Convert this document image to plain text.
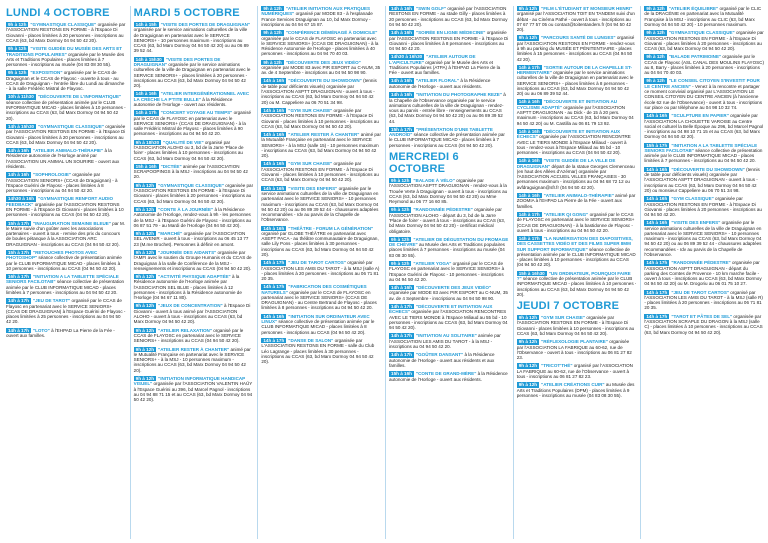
LUNDI 4 OCTOBRE
9h à 12h "GYMNASTIQUE CLASSIQUE" organisée par l'ASSOCIATION RESTONS EN FORME - à l'Espace Di Giovanni - places limitées à 20 personnes - inscriptions au CCAS (63, bd Marx Dormoy 04 94 50 42 20).
9h à 12h "VISITE GUIDÉE DU MUSÉE DES ARTS ET TRADITIONS POPULAIRES" organisée par le Musée des Arts et Traditions Populaires - places limitées à 7 personnes - inscriptions au musée (04 83 08 30 55).
9h à 12h "EXPOSITION" organisée par le CCAS de Draguignan et le CCAS de Flayosc - ouverte à tous - au CCAS de Draguignan - l'entrée libre du Lundi au dimanche - à la salle Frédéric Mistral de Flayosc.
10h à 11h30 "DÉCOUVERTE DE L'INFORMATIQUE" séance collective de présentation animée par le CLUB INFORMATIQUE MICAD - places limitées à 10 personnes - inscriptions au CCAS (63, bd Marx Dormoy 04 94 50 42 20).
14h à 15h30 "GYMNASTIQUE CLASSIQUE" organisée par l'ASSOCIATION RESTONS EN FORME - à l'Espace Di Giovanni - places limitées à 20 personnes - inscriptions au CCAS (63, bd Marx Dormoy 04 94 50 42 20).
14h à 16h "ATELIER ANIMALO-THÉRAPIE" à la Résidence autonomie de l'Horloge animé par l'ASSOCIATION UN ANIMAL UN SOURIRE - ouvert aux résidents.
14h à 16h "SOPHROLOGIE" organisée par l'ASSOCIATION SENIORS+ (CCAS de Draguignan) - à l'Espace Guérini de Flayosc - places limitées à 8 personnes - inscriptions au 04 94 50 42 20.
14h30 à 16h "GYMNASTIQUE RENFORT AUDIO FEEDBACK" organisée par l'ASSOCIATION RESTONS EN FORME - à l'Espace Di Giovanni - places limitées à 10 personnes - inscriptions au CCAS (04 94 50 42 20).
15h à 17h "INAUGURATION SEMAINE BLEUE" par M. le Maire suivie d'un goûter avec les associations partenaires - ouvert à tous - remise des prix du concours de boules pétanque à la ASSOCIATION ARC DRAGUIGNAN - inscriptions au CCAS (04 94 50 42 20).
15h à 17h "RETOUCHES PHOTOS AVEC PHOTOSHOP" séance collective de présentation animée par le CLUB INFORMATIQUE MICAD - places limitées à 10 personnes - inscriptions au CCAS (04 94 50 42 20).
16h à 17h "INITIATION A LA TABLETTE SPÉCIALE SENIORS FACILOTAB" séance collective de présentation animée par le CLUB INFORMATIQUE MICAD - places limitées à 7 personnes - inscriptions au 04 94 50 42 20.
14h à 17h "JEU DE TAROT" organisé par le CCAS de Flayosc en partenariat avec le SERVICE SENIORS+ (CCAS DE DRAGUIGNAN) à l'Espace Guérini de Flayosc - places limitées à 25 personnes - inscriptions au 04 94 50 42 20.
14h à 17h "LOTO" à l'EHPAD La Pierre de la Fée - ouvert aux familles.
MARDI 5 OCTOBRE
14h à 15h "VISITE DES PORTES DE DRAGUIGNAN" organisée par le service animations culturelles de la ville de Draguignan en partenariat avec le SERVICE SENIORS+ - 10 personnes maximum - inscriptions au CCAS (63, bd Marx Dormoy 04 94 50 42 20) ou au 06 89 39 52 44.
14h à 15h30 "VISITE DES PORTES DE DRAGUIGNAN" organisée par le service animations culturelles de la ville de Draguignan en partenariat avec le SERVICE SENIORS+ - places limitées à 20 personnes - inscriptions au CCAS (63, bd Marx Dormoy 04 94 50 42 20).
14h à 16h "ATELIER INTERGÉNÉRATIONNEL AVEC LA CRÈCHE LA P'TITE BULLE" à la Résidence autonomie de l'Horloge - ouvert aux résidents.
14h à 17h "CONCERT VOYAGE AU TEMPS" organisé par le CCAS de FLAYOSC en partenariat avec le SERVICE SENIORS+ (CCAS DE DRAGUIGNAN) - à la salle Frédéric Mistral de Flayosc - places limitées à 90 personnes - inscriptions au 04 94 50 42 20.
9h à 18h30 "QUALITÉ DE VIE" organisé par l'ASSOCIATION ALOHO ou 3, bd de la Jarre 'Place de foire' - places limitées à 10 personnes - inscriptions au CCAS (63, bd Marx Dormoy 04 94 50 42 20).
15h à 16h "DICTÉE" animée par l'ASSOCIATION SCRAPOOPINGS à la MSJ - inscriptions au 04 94 50 42 20.
9h à 12h "GYMNASTIQUE CLASSIQUE" organisée par l'ASSOCIATION RESTONS EN FORME - à l'Espace Di Giovanni - places limitées à 20 personnes - inscriptions au CCAS (63, bd Marx Dormoy 04 94 50 42 20).
9h à 12h "CONTE À LA JOURNÉE" à la Résidence Autonomie de l'Horloge, rendez-vous à 9h - les personnes de la MSJ - à l'Espace Guérini de Flayosc - inscriptions au 06 87 51 79 - au Mardi de l'Horloge (04 94 50 42 20).
9h à 12h "MARCHÉ" organisée par l'ASSOCIATION SEL AVENIR - ouvert à tous - inscriptions au 06 45 13 77 23 (M.me Brochet). Personnes à définir en amont.
9h à 12h "JOURNÉE DES AIDANTS" organisée par l'AMFI avec le soutien du Groupe Humanis et du CCAS de Draguignan à la salle de Conférence de la MSJ - renseignements et inscriptions au CCAS (04 94 50 42 20).
9h à 12h "ACTIVITÉ PHYSIQUE ADAPTÉE" à la Résidence autonomie de l'Horloge animée par l'ASSOCIATION SEL BLUE - places limitées à 12 personnes - inscriptions à la Résidence autonomie de l'Horloge (04 94 67 11 80).
9h à 12h "JEUX DE CONCENTRATION" à l'Espace Di Giovanni - ouvert à tous animé par l'ASSOCIATION ALOHO - ouvert à tous - inscriptions au CCAS (63, bd Marx Dormoy 04 94 50 42 20).
9h à 12h "ATELIER RELAXATION" organisé par le CCAS de FLAYOSC en partenariat avec le SERVICE SENIORS+ - inscriptions au CCAS (04 94 50 42 20).
9h à 12h "ATELIER RESTER À CHANTER" animé par le Mutualité Française en partenariat avec le SERVICE SENIORS+ - à la MSJ - 10 personnes maximum - inscriptions au CCAS (63, bd Marx Dormoy 04 94 50 42 20).
9h à 12h "INITIATION INFORMATIQUE HANDICAP VISUEL" organisée par l'ASSOCIATION VALENTIN HAÜY à l'Espace Guérini au 396, bd Marcel Pagnol - inscriptions au 04 94 88 71 15 et au CCAS (63, bd Marx Dormoy 04 94 50 42 20).
9h à 12h "ATELIER INITIATION AUX PRATIQUES NUMÉRIQUES" organisé par MODE 83 - à l'esplanade France Services Draguignan au 10, bd Marx Dormoy - inscriptions au 04 94 67 15 87.
9h à 12h "CONFÉRENCE DÉMÉNAGÉ À DOMICILE" organisée par le CCAS de FLAYOSC en partenariat avec le SERVICE SENIORS+ (CCAS DE DRAGUIGNAN) - à la Résidence Autonomie de l'Horloge - places limitées à 40 personnes - inscriptions au 04 94 70 40 03.
9h à 12h "DÉCOUVERTE DES JEUX VIDÉO" organisée par MODE 83 avec PIR ESPORT au C-NUM, 35 av. de 4 Septembre - inscriptions au 04 94 50 98 90.
14h à 16h "DÉCOUVERTE DU SHOWDOWN" (tennis de table pour déficients visuels) organisée par l'ASSOCIATION ASPTT DRAGUIGNAN - ouvert à tous - inscriptions au CCAS (63, bd Marx Dormoy 04 94 50 42 20) ou M. Cappeliere au 06 70 51 34 98.
14h à 16h "GYM SUR CHAISE" organisée par l'ASSOCIATION RESTONS EN FORME - à l'Espace Di Giovanni - places limitées à 10 personnes - inscriptions au CCAS (63, bd Marx Dormoy 04 94 50 42 20).
14h à 16h "ATELIER RESTER À CHANTER" animé par la Mutualité Française en partenariat avec le SERVICE SENIORS+ - à la MSJ (salle 15) - 10 personnes maximum - inscriptions au CCAS (63, bd Marx Dormoy 04 94 50 42 20).
14h à 16h "GYM SUR CHAISE" organisée par l'ASSOCIATION RESTONS EN FORME - à l'Espace Di Giovanni - places limitées à 10 personnes - inscriptions au CCAS (63, bd Marx Dormoy 04 94 50 42 20).
14h à 16h "VISITE DES ENFERS" organisée par le service animations culturelles de la ville de Draguignan en partenariat avec le SERVICE SENIORS+ - 10 personnes maximum - inscriptions au CCAS (63, bd Marx Dormoy 04 94 50 42 20) ou au 06 89 39 52 44 - chaussures adaptées recommandées - rdv au parvis de la Chapelle de l'Observance.
14h à 16h "THÉÂTRE - FORUM LA GÉNÉRATION" organisé par GLOBE THÉÂTRE en partenariat avec ASEPT PACA - au théâtre communautaire de Draguignan, salle Lily Pons - places limitées à 30 personnes - inscriptions au CCAS (63, bd Marx Dormoy 04 94 50 42 20).
14h à 17h "JEU DE TAROT CARTOS" organisé par l'ASSOCIATION LES AMIS DU TAROT - à la MSJ (salle A) - places limitées à 20 personnes - inscriptions au 06 71 81 20 35.
14h à 17h "FABRICATION DES COSMÉTIQUES NATURELS" organisée par le CCAS de FLAYOSC en partenariat avec le SERVICE SENIORS+ (CCAS DE DRAGUIGNAN) - au Centre Bertrand de Flayosc - places limitées à 8 personnes - inscriptions au 04 94 50 42 20.
14h à 16h "INITIATION SUR ORDINATEUR AVEC LINUX" séance collective de présentation animée par le CLUB INFORMATIQUE MICAD - places limitées à 8 personnes - inscriptions au CCAS (04 94 50 42 20).
14h à 17h "DANSE DE SALON" organisée par L'ASSOCIATION RESTONS EN FORME - salle du Club Léo Lagrange - places limitées à 30 personnes - inscriptions au CCAS (63, bd Marx Dormoy 04 94 50 42 20).
14h à 16h "SWIN GOLF" organisé par l'ASSOCIATION RESTONS EN FORME - au stade Gilly - places limitées à 20 personnes - inscriptions au CCAS (63, bd Marx Dormoy 04 94 50 42 20).
14h à 16h "SOIRÉE EN LIGNE MÉDECINE" organisée par l'ASSOCIATION RESTONS EN FORME - à l'Espace Di Giovanni - places limitées à 8 personnes - inscriptions au 04 94 50 42 20.
14h30 à 16h30 "ATELIER AUTOUR DE L'APICULTURE" organisé par le Musée des Arts et Traditions Populaires (ATPA) à l'EHPAD La Pierre de la Fée - ouvert aux familles.
14h à 16h "ATELIER FLORAL" à la Résidence autonomie de l'Horloge - ouvert aux résidents.
14h à 16h "INITIATION DU PHOTOGRAPHE REZE" à la Chapelle de l'Observance organisée par le service animations culturelles de la ville de Draguignan - rendez-vous au parvis - entrée libre - renseignements au CCAS (63, bd Marx Dormoy 04 94 50 42 20) ou au 06 89 39 52 44.
15h à 17h "PRÉSENTATION D'UNE TABLETTE ANDROÏD" séance collective de présentation animée par le CLUB INFORMATIQUE MICAD - places limitées à 7 personnes - inscriptions au CCAS (04 94 50 42 20).
MERCREDI 6 OCTOBRE
9h à 12h "BALADE À VÉLO" organisée par l'ASSOCIATION ASPTT DRAGUIGNAN - rendez-vous à la Trouée Verte à Draguignan - ouvert à tous - inscriptions au CCAS (63, bd Marx Dormoy 04 94 50 42 20) ou Mme Reymond au 06 77 16 60 85.
9h à 12h "RANDONNÉE PÉDESTRE" organisée par l'ASSOCIATION ALOHO - départ du 3, bd de la Jarre 'Place de foire' - ouvert à tous - inscriptions au CCAS (63, bd Marx Dormoy 04 94 50 42 20) - certificat médical obligatoire.
9h à 12h "ATELIER DE DÉGUSTATION DU FROMAGE DE CHÈVRE" au Musée des Arts et Traditions populaires places limitées à 7 personnes - inscriptions au musée (04 83 08 30 55).
9h à 12h "ATELIER YOGA" organisé par le CCAS de FLAYOSC en partenariat avec le SERVICE SENIORS+ à l'Espace Guérini de Flayosc - 10 personnes - inscriptions au 04 94 50 42 20.
14h à 16h "DÉCOUVERTE DES JEUX VIDÉO" organisée par MODE 83 avec PIR ESPORT au C-NUM, 35 av. de 4 Septembre - inscriptions au 04 94 50 98 90.
14h à 17h "DÉCOUVERTE ET INITIATION AUX ÉCHECS" organisée par l'ASSOCIATION RENCONTRES AVEC LE TIERS MONDE à l'Espace Miliaud au 55 bd - 10 personnes - inscriptions au CCAS (63, bd Marx Dormoy 04 94 50 42 20).
14h à 17h "INITIATION AU SOLITAIRE" animée par l'ASSOCIATION LES AMIS DU TAROT - à la MSJ - inscriptions au 04 94 50 42 20.
14h à 17h "GOÛTER DANSANT" à la Résidence autonomie de l'Horloge - ouvert aux résidents et aux familles.
15h à 16h "CONTE DE GRAND-MÈRE" à la Résidence autonomie de l'Horloge - ouvert aux résidents.
9h à 12h "FILM L'ÉTUDIANT ET MONSIEUR HENRI" organisé par l'ASSOCIATION TOIT EN TANDEM suivi d'un débat - au Cinéma Pathé - ouvert à tous - inscriptions au 07 67 77 57 05 ou contact@toitentandem.fr (04 94 50 42 20).
9h à 12h "PARCOURS SANTÉ DE LUNGES" organisé par l'ASSOCIATION RESTONS EN FORME - rendez-vous à 9h au parking du MUSÉE ET PÉNITENTIAIRE - places limitées à 15 personnes - inscriptions au CCAS (04 94 50 42 20).
14h à 17h "SORTIE AUTOUR DE LA CHAPELLE ST-HERMENTAIRE" organisée par le service animations culturelles de la ville de Draguignan en partenariat avec le SERVICE SENIORS+ - places limitées à 8 personnes - inscriptions au CCAS (63, bd Marx Dormoy 04 94 50 42 20) ou au 06 89 39 52 44.
14h à 16h "DÉCOUVERTE ET INITIATION AU CYCLISME ADAPTÉ" organisée par l'ASSOCIATION ASPTT DRAGUIGNAN - au Dick - de 15 à 20 pers. maximum - inscriptions au CCAS (63, bd Marx Dormoy 04 94 50 42 20) ou M. Castilla au 06 81 79 13 92.
14h à 16h "DÉCOUVERTE ET INITIATION AUX ÉCHECS" organisée par l'ASSOCIATION RENCONTRE AVEC LE TIERS MONDE à l'Espace Miliaud - ouvert à tous - rendez-vous à l'Espace Miliaud au 55 bd - 10 personnes - inscriptions au CCAS (04 94 50 42 20).
14h à 16h "VISITE GUIDÉE DE LA VILLE DE DRAGUIGNAN" départ de la statue Georges Clemenceau (en haut des Allées d'Azémar) organisée par l'ASSOCIATION ACCUEIL VILLES FRANÇAISES - 30 personnes maximum - inscriptions au 04 94 68 72 12 ou avfdraguignan@sfr.fr (04 94 50 42 20).
14h à 16h "ATELIER ANIMALO-THÉRAPIE" animé par ZOOMIA à l'EHPAD La Pierre de la Fée - ouvert aux familles.
14h à 17h "ATELIER QI GONG" organisé par le CCAS de FLAYOSC en partenariat avec le SERVICE SENIORS+ (CCAS DE DRAGUIGNAN) - à la bastidonne de Flayosc - ouvert à tous - inscriptions au 04 94 50 42 20.
14h à 17h "LA NUMÉRISATION DES DIAPOSITIVES, DES CASSETTES VIDÉO ET DES FILMS SUPER 8MM SUR SUPPORT INFORMATIQUE" séance collective de présentation animée par le CLUB INFORMATIQUE MICAD - places limitées à 10 personnes - inscriptions au CCAS (04 94 50 42 20).
15h à 16h30 "UN ORDINATEUR, POURQUOI FAIRE ?" séance collective de présentation animée par le CLUB INFORMATIQUE MICAD - places limitées à 10 personnes - inscriptions au CCAS (63, bd Marx Dormoy 04 94 50 42 20).
JEUDI 7 OCTOBRE
9h à 12h "GYM SUR CHAISE" organisée par l'ASSOCIATION RESTONS EN FORME - à l'Espace Di Giovanni - places limitées à 10 personnes - inscriptions au CCAS (63, bd Marx Dormoy 04 94 50 42 20).
9h à 12h "RÉFLEXOLOGIE PLANTAIRE" organisée par l'ASSOCIATION LA FABRIQUE au 60-62, rue de l'Observance - ouvert à tous - inscriptions au 06 81 27 82 23.
9h à 12h "TRICOT'THÉ" organisé par l'ASSOCIATION LA FABRIQUE au 60-62, rue de l'Observance - ouvert à tous - inscriptions au 06 81 27 82 23.
9h à 12h "ATELIER CRÉATIONS CUIR" au Musée des Arts et Traditions Populaires (DPM) - places limitées à 9 personnes - inscriptions au musée (04 83 08 30 55).
9h à 12h "ATELIER ÉQUILIBRE" organisé par le CLIC de la DRACÉNIE en partenariat avec la Mutualité Française à la MSJ - inscriptions au CLIC (63, bd Marx Dormoy 04 94 50 42 20) - 10 personnes maximum.
9h à 12h "GYMNASTIQUE CLASSIQUE" organisée par l'ASSOCIATION RESTONS EN FORME - à l'Espace Di Giovanni - places limitées à 20 personnes - inscriptions au CCAS (63, bd Marx Dormoy 04 94 50 42 20).
9h à 12h "BALADE PATRIMOINE" organisée par le CCAS de Flayosc (ASL CANAL DES MOULINS FLAYOSC) au 8, Barry - places limitées à 20 personnes - inscriptions au 04 94 70 40 03.
9h à 12h "LE CONSEIL CITOYEN S'INVESTIT POUR LE CENTRE ANCIEN" - Venez à la rencontre et partager ce moment convivial organisé par L'ASSOCIATION LE CONSEIL CITOYEN DU CENTRE ANCIEN (à l'ancienne école 62 rue de l'Observance) - ouvert à tous - inscriptions sur place ou par téléphone au 04 98 10 32 74.
14h à 16h "SCULPTURE EN PAPIER" organisée par l'ASSOCIATION LA CHOUETTE VAROISE au Centre social et culturel la Belle Époque au 296, bd Marcel Pagnol - inscriptions au 04 98 10 71 15 et au CCAS (63, bd Marx Dormoy 04 94 50 42 20).
15h à 17h "INITIATION A LA TABLETTE SPÉCIALE SENIORS FACILOTAB" séance collective de présentation animée par le CLUB INFORMATIQUE MICAD - places limitées à 7 personnes - inscriptions au 04 94 50 42 20.
14h à 16h "DÉCOUVERTE DU SHOWDOWN" (tennis de table pour déficients visuels) organisée par l'ASSOCIATION ASPTT DRAGUIGNAN - ouvert à tous - inscriptions au CCAS (63, bd Marx Dormoy 04 94 50 42 20) ou monsieur Cappeliere au 06 70 51 34 98.
14h à 16h "GYM CLASSIQUE" organisée par l'ASSOCIATION RESTONS EN FORME - à l'Espace Di Giovanni - places limitées à 20 personnes - inscriptions au 04 94 50 42 20.
14h à 16h "VISITE DES ENFERS" organisée par le service animations culturelles de la ville de Draguignan en partenariat avec le SERVICE SENIORS+ - 10 personnes maximum - inscriptions au CCAS (63, bd Marx Dormoy 04 94 50 42 20) ou au 06 89 39 52 44 - chaussures adaptées recommandées - rdv au parvis de la Chapelle de l'Observance.
14h à 17h "RANDONNÉE PÉDESTRE" organisée par l'ASSOCIATION ASPTT DRAGUIGNAN - départ du parking des Comtes de Provence - 10 km marche facile - ouvert à tous - inscriptions au CCAS (63, bd Marx Dormoy 04 94 50 42 20) ou M. Drogoriu au 06 01 75 10 27.
14h à 17h "JEU DE TAROT CARTOS" organisé par l'ASSOCIATION LES AMIS DU TAROT - à la MSJ (salle R) - places limitées à 20 personnes - inscriptions au 06 71 81 20 35.
14h à 17h "TAROT ET PÂTES DE SEL" organisée par l'ASSOCIATION SCRAPLE DU DRAGON à la MSJ (salle C) - places limitées à 10 personnes - inscriptions au CCAS (63, bd Marx Dormoy 04 94 50 42 20).
